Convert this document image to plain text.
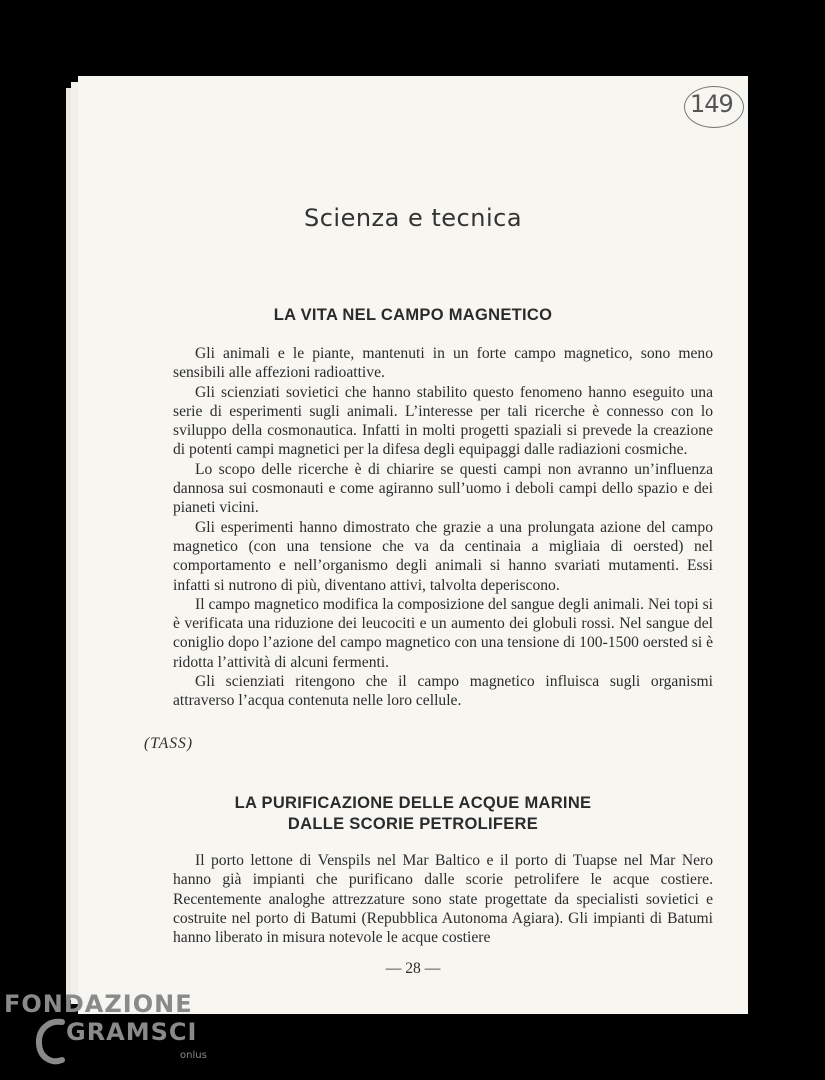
149
Scienza e tecnica
LA VITA NEL CAMPO MAGNETICO

Gli animali e le piante, mantenuti in un forte campo magnetico, sono meno sensibili alle affezioni radioattive.

Gli scienziati sovietici che hanno stabilito questo fenomeno hanno eseguito una serie di esperimenti sugli animali. L’interesse per tali ricerche è connesso con lo sviluppo della cosmonautica. Infatti in molti progetti spaziali si prevede la creazione di potenti campi magnetici per la difesa degli equipaggi dalle radiazioni cosmiche.

Lo scopo delle ricerche è di chiarire se questi campi non avranno un’influenza dannosa sui cosmonauti e come agiranno sull’uomo i deboli campi dello spazio e dei pianeti vicini.

Gli esperimenti hanno dimostrato che grazie a una prolungata azione del campo magnetico (con una tensione che va da centinaia a migliaia di oersted) nel comportamento e nell’organismo degli animali si hanno svariati mutamenti. Essi infatti si nutrono di più, diventano attivi, talvolta deperiscono.

Il campo magnetico modifica la composizione del sangue degli animali. Nei topi si è verificata una riduzione dei leucociti e un aumento dei globuli rossi. Nel sangue del coniglio dopo l’azione del campo magnetico con una tensione di 100-1500 oersted si è ridotta l’attività di alcuni fermenti.

Gli scienziati ritengono che il campo magnetico influisca sugli organismi attraverso l’acqua contenuta nelle loro cellule.

(TASS)
LA PURIFICAZIONE DELLE ACQUE MARINE
DALLE SCORIE PETROLIFERE

Il porto lettone di Venspils nel Mar Baltico e il porto di Tuapse nel Mar Nero hanno già impianti che purificano dalle scorie petrolifere le acque costiere. Recentemente analoghe attrezzature sono state progettate da specialisti sovietici e costruite nel porto di Batumi (Repubblica Autonoma Agiara). Gli impianti di Batumi hanno liberato in misura notevole le acque costiere

— 28 —
FONDAZIONE
GRAMSCI
onlus
